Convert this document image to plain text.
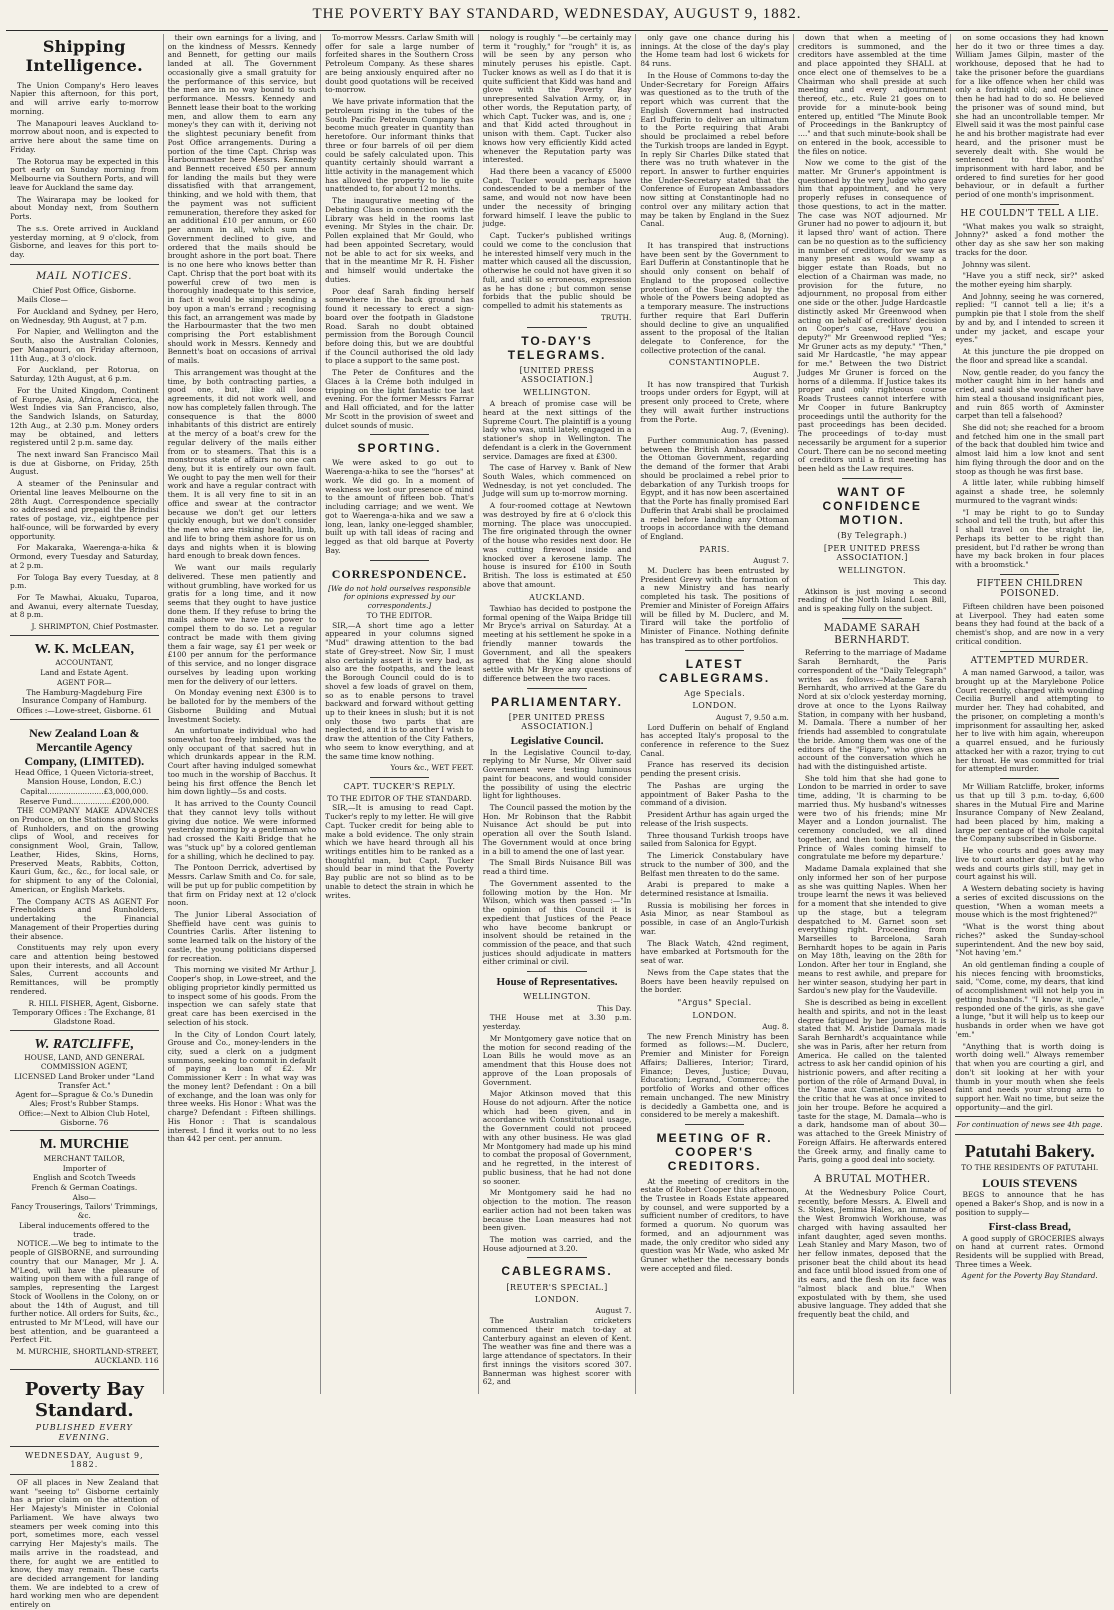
THE POVERTY BAY STANDARD, WEDNESDAY, AUGUST 9, 1882.
Shipping Intelligence.

The Union Company's Hero leaves Napier this afternoon, for this port, and will arrive early to-morrow morning.

The Manapouri leaves Auckland to-morrow about noon, and is expected to arrive here about the same time on Friday.

The Rotorua may be expected in this port early on Sunday morning from Melbourne via Southern Ports, and will leave for Auckland the same day.

The Wairarapa may be looked for about Monday next, from Southern Ports.

The s.s. Orete arrived in Auckland yesterday morning, at 9 o'clock, from Gisborne, and leaves for this port to-day.

MAIL NOTICES.
Chief Post Office, Gisborne.

Mails Close—

For Auckland and Sydney, per Hero, on Wednesday, 9th August, at 7 p.m.

For Napier, and Wellington and the South, also the Australian Colonies, per Manapouri, on Friday afternoon, 11th Aug., at 3 o'clock.

For Auckland, per Rotorua, on Saturday, 12th August, at 6 p.m.

For the United Kingdom, Continent of Europe, Asia, Africa, America, the West Indies via San Francisco, also, the Sandwich Islands, on Saturday, 12th Aug., at 2.30 p.m. Money orders may be obtained, and letters registered until 2 p.m. same day.

The next inward San Francisco Mail is due at Gisborne, on Friday, 25th August.

A steamer of the Peninsular and Oriental line leaves Melbourne on the 28th Augt. Correspondence specially so addressed and prepaid the Brindisi rates of postage, viz., eightpence per half-ounce, will be forwarded by every opportunity.

For Makaraka, Waerenga-a-hika & Ormond, every Tuesday and Saturday, at 2 p.m.

For Tologa Bay every Tuesday, at 8 p.m.

For Te Mawhai, Akuaku, Tuparoa, and Awanui, every alternate Tuesday, at 8 p.m.

J. SHRIMPTON, Chief Postmaster.
W. K. McLEAN,
ACCOUNTANT,
Land and Estate Agent.
AGENT FOR—
The Hamburg-Magdeburg Fire Insurance Company of Hamburg.
Offices :—Lowe-street, Gisborne. 61
New Zealand Loan & Mercantile Agency Company, (LIMITED).
Head Office, 1 Queen Victoria-street, Mansion House, London, E.C.)
Capital........................£3,000,000.
Reserve Fund.................£200,000.

THE COMPANY MAKE ADVANCES on Produce, on the Stations and Stocks of Runholders, and on the growing clips of Wool, and receives for consignment Wool, Grain, Tallow, Leather, Hides, Skins, Horns, Preserved Meats, Rabbits, Cotton, Kauri Gum, &c., &c., for local sale, or for shipment to any of the Colonial, American, or English Markets.

The Company ACTS AS AGENT For Freeholders and Runholders, undertaking the Financial Management of their Properties during their absence.

Constituents may rely upon every care and attention being bestowed upon their interests, and all Account Sales, Current accounts and Remittances, will be promptly rendered.

R. HILL FISHER, Agent, Gisborne.
Temporary Offices : The Exchange, 81 Gladstone Road.
W. RATCLIFFE,
HOUSE, LAND, AND GENERAL COMMISSION AGENT,
LICENSED Land Broker under "Land Transfer Act."
Agent for—Sprague & Co.'s Dunedin Ales; Frost's Rubber Stamps.
Office:—Next to Albion Club Hotel, Gisborne. 76
M. MURCHIE
MERCHANT TAILOR,
Importer of
English and Scotch Tweeds
French & German Coatings.
Also—
Fancy Trouserings, Tailors' Trimmings, &c.
Liberal inducements offered to the trade.

NOTICE.—We beg to intimate to the people of GISBORNE, and surrounding country that our Manager, Mr J. A. M'Leod, will have the pleasure of waiting upon them with a full range of samples, representing the Largest Stock of Woollens in the Colony, on or about the 14th of August, and till further notice. All orders for Suits, &c., entrusted to Mr M'Leod, will have our best attention, and be guaranteed a Perfect Fit.

M. MURCHIE, SHORTLAND-STREET, AUCKLAND. 116
Poverty Bay Standard.
PUBLISHED EVERY EVENING.
WEDNESDAY, August 9, 1882.

OF all places in New Zealand that want "seeing to" Gisborne certainly has a prior claim on the attention of Her Majesty's Minister in Colonial Parliament. We have always two steamers per week coming into this port, sometimes more, each vessel carrying Her Majesty's mails. The mails arrive in the roadstead, and there, for aught we are entitled to know, they may remain. These carts are decided arrangement for landing them. We are indebted to a crew of hard working men who are dependent entirely on

their own earnings for a living, and on the kindness of Messrs. Kennedy and Bennett, for getting our mails landed at all. The Government occasionally give a small gratuity for the performance of this service, but the men are in no way bound to such performance. Messrs. Kennedy and Bennett lease their boat to the working men, and allow them to earn any money's they can with it, deriving not the slightest pecuniary benefit from Post Office arrangements. During a portion of the time Capt. Chrisp was Harbourmaster here Messrs. Kennedy and Bennett received £50 per annum for landing the mails but they were dissatisfied with that arrangement, thinking, and we hold with them, that the payment was not sufficient remuneration, therefore they asked for an additional £10 per annum, or £60 per annum in all, which sum the Government declined to give, and ordered that the mails should be brought ashore in the port boat. There is no one here who knows better than Capt. Chrisp that the port boat with its powerful crew of two men is thoroughly inadequate to this service, in fact it would be simply sending a boy upon a man's errand ; recognising this fact, an arrangement was made by the Harbourmaster that the two men comprising the Port establishment should work in Messrs. Kennedy and Bennett's boat on occasions of arrival of mails.

This arrangement was thought at the time, by both contracting parties, a good one, but, like all loose agreements, it did not work well, and now has completely fallen through. The consequence is that the 8000 inhabitants of this district are entirely at the mercy of a boat's crew for the regular delivery of the mails either from or to steamers. That this is a monstrous state of affairs no one can deny, but it is entirely our own fault. We ought to pay the men well for their work and have a regular contract with them. It is all very fine to sit in an office and swear at the contractor because we don't get our letters quickly enough, but we don't consider the men who are risking health, limb, and life to bring them ashore for us on days and nights when it is blowing hard enough to break down fences.

We want our mails regularly delivered. These men patiently and without grumbling, have worked for us gratis for a long time, and it now seems that they ought to have justice done them. If they refuse to bring the mails ashore we have no power to compel them to do so. Let a regular contract be made with them giving them a fair wage, say £1 per week or £100 per annum for the performance of this service, and no longer disgrace ourselves by leading upon working men for the delivery of our letters.

On Monday evening next £300 is to be balloted for by the members of the Gisborne Building and Mutual Investment Society.

An unfortunate individual who had somewhat too freely imbibed, was the only occupant of that sacred hut in which drunkards appear in the R.M. Court after having indulged somewhat too much in the worship of Bacchus. It being his first offence the Bench let him down lightly—5s and costs.

It has arrived to the County Council that they cannot levy tolls without giving due notice. We were informed yesterday morning by a gentleman who had crossed the Kaiti Bridge that he was "stuck up" by a colored gentleman for a shilling, which he declined to pay.

The Pontoon Derrick, advertised by Messrs. Carlaw Smith and Co. for sale, will be put up for public competition by that firm on Friday next at 12 o'clock noon.

The Junior Liberal Association of Sheffield have cent was guinis to Countries Carlis. After listening to some learned talk on the history of the castle, the young politicians dispersed for recreation.

This morning we visited Mr Arthur J. Cooper's shop, in Lowe-street, and the obliging proprietor kindly permitted us to inspect some of his goods. From the inspection we can safely state that great care has been exercised in the selection of his stock.

In the City of London Court lately, Grouse and Co., money-lenders in the city, sued a clerk on a judgment summons, seeking to commit in default of paying a loan of £2. Mr Commissioner Kerr : In what way was the money lent? Defendant : On a bill of exchange, and the loan was only for three weeks. His Honor : What was the charge? Defendant : Fifteen shillings. His Honor : That is scandalous interest. I find it works out to no less than 442 per cent. per annum.

To-morrow Messrs. Carlaw Smith will offer for sale a large number of forfeited shares in the Southern Cross Petroleum Company. As these shares are being anxiously enquired after no doubt good quotations will be received to-morrow.

We have private information that the petroleum rising in the tubes of the South Pacific Petroleum Company has become much greater in quantity than heretofore. Our informant thinks that three or four barrels of oil per diem could be safely calculated upon. This quantity certainly should warrant a little activity in the management which has allowed the property to lie quite unattended to, for about 12 months.

The inaugurative meeting of the Debating Class in connection with the Library was held in the rooms last evening. Mr Styles in the chair. Dr. Pollen explained that Mr Gould, who had been appointed Secretary, would not be able to act for six weeks, and that in the meantime Mr R. H. Fisher and himself would undertake the duties.

Poor deaf Sarah finding herself somewhere in the back ground has found it necessary to erect a sign-board over the footpath in Gladstone Road. Sarah no doubt obtained permission from the Borough Council before doing this, but we are doubtful if the Council authorised the old lady to place a support to the same post.

The Peter de Confitures and the Glaces à la Créme both indulged in tripping on the light fantastic toe last evening. For the former Messrs Farrar and Hall officiated, and for the latter Mr Scott in the provision of sweet and dulcet sounds of music.

SPORTING.

We were asked to go out to Waerenga-a-hika to see the "horses" at work. We did go. In a moment of weakness we lost our presence of mind to the amount of fifteen bob. That's including carriage; and we went. We got to Waerenga-a-hika and we saw a long, lean, lanky one-legged shambler, built up with tall ideas of racing and legged as that old barque at Poverty Bay.

CORRESPONDENCE.
[We do not hold ourselves responsible for opinions expressed by our correspondents.]
TO THE EDITOR.

SIR,—A short time ago a letter appeared in your columns signed "Mud" drawing attention to the bad state of Grey-street. Now Sir, I must also certainly assert it is very bad, as also are the footpaths, and the least the Borough Council could do is to shovel a few loads of gravel on them, so as to enable persons to travel backward and forward without getting up to their knees in slush; but it is not only those two parts that are neglected, and it is to another I wish to draw the attention of the City Fathers, who seem to know everything, and at the same time know nothing.

Yours &c., WET FEET.
CAPT. TUCKER'S REPLY.
TO THE EDITOR OF THE STANDARD.

SIR,—It is amusing to read Capt. Tucker's reply to my letter. He will give Capt. Tucker credit for being able to make a bold evidence. The only strain which we have heard through all his writings entitles him to be ranked as a thoughtful man, but Capt. Tucker should bear in mind that the Poverty Bay public are not so blind as to be unable to detect the strain in which he writes.

nology is roughly "—be certainly may term it "roughly," for "rough" it is, as will be seen by any person who minutely peruses his epistle. Capt. Tucker knows as well as I do that it is quite sufficient that Kidd was hand and glove with the Poverty Bay unrepresented Salvation Army, or, in other words, the Reputation party, of which Capt. Tucker was, and is, one ; and that Kidd acted throughout in unison with them. Capt. Tucker also knows how very efficiently Kidd acted whenever the Reputation party was interested.

Had there been a vacancy of £5000 Capt. Tucker would perhaps have condescended to be a member of the same, and would not now have been under the necessity of bringing forward himself. I leave the public to judge.

Capt. Tucker's published writings could we come to the conclusion that he interested himself very much in the matter which caused all the discussion, otherwise he could not have given it so full, and still so erroneous, expression as he has done ; but common sense forbids that the public should be compelled to admit his statements as

TRUTH.
TO-DAY'S TELEGRAMS.
[UNITED PRESS ASSOCIATION.]
WELLINGTON.

A breach of promise case will be heard at the next sittings of the Supreme Court. The plaintiff is a young lady who was, until lately, engaged in a stationer's shop in Wellington. The defendant is a clerk in the Government service. Damages are fixed at £300.

The case of Harvey v. Bank of New South Wales, which commenced on Wednesday, is not yet concluded. The Judge will sum up to-morrow morning.

A four-roomed cottage at Newtown was destroyed by fire at 6 o'clock this morning. The place was unoccupied. The fire originated through the owner of the house who resides next door. He was cutting firewood inside and knocked over a kerosene lamp. The house is insured for £100 in South British. The loss is estimated at £50 above that amount.

AUCKLAND.

Tawhiao has decided to postpone the formal opening of the Waipa Bridge till Mr Bryce's arrival on Saturday. At a meeting at his settlement he spoke in a friendly manner towards the Government, and all the speakers agreed that the King alone should settle with Mr Bryce any questions of difference between the two races.

PARLIAMENTARY.
[PER UNITED PRESS ASSOCIATION.]
Legislative Council.

In the Legislative Council to-day, replying to Mr Nurse, Mr Oliver said Government were testing luminous paint for beacons, and would consider the possibility of using the electric light for lighthouses.

The Council passed the motion by the Hon. Mr Robinson that the Rabbit Nuisance Act should be put into operation all over the South Island. The Government would at once bring in a bill to amend the one of last year.

The Small Birds Nuisance Bill was read a third time.

The Government assented to the following motion by the Hon. Mr Wilson, which was then passed :—"In the opinion of this Council it is expedient that Justices of the Peace who have become bankrupt or insolvent should be retained in the commission of the peace, and that such justices should adjudicate in matters either criminal or civil.

House of Representatives.
WELLINGTON.
This Day.

THE House met at 3.30 p.m. yesterday.

Mr Montgomery gave notice that on the motion for second reading of the Loan Bills he would move as an amendment that this House does not approve of the Loan proposals of Government.

Major Atkinson moved that this House do not adjourn. After the notice which had been given, and in accordance with Constitutional usage, the Government could not proceed with any other business. He was glad Mr Montgomery had made up his mind to combat the proposal of Government, and he regretted, in the interest of public business, that he had not done so sooner.

Mr Montgomery said he had no objection to the motion. The reason earlier action had not been taken was because the Loan measures had not been given.

The motion was carried, and the House adjourned at 3.20.

CABLEGRAMS.
[REUTER'S SPECIAL.]
LONDON.
August 7.

The Australian cricketers commenced their match to-day at Canterbury against an eleven of Kent. The weather was fine and there was a large attendance of spectators. In their first innings the visitors scored 307. Bannerman was highest scorer with 62, and

only gave one chance during his innings. At the close of the day's play the Home team had lost 6 wickets for 84 runs.

In the House of Commons to-day the Under-Secretary for Foreign Affairs was questioned as to the truth of the report which was current that the English Government had instructed Earl Dufferin to deliver an ultimatum to the Porte requiring that Arabi should be proclaimed a rebel before the Turkish troops are landed in Egypt. In reply Sir Charles Dilke stated that there was no truth whatever in the report. In answer to further enquiries the Under-Secretary stated that the Conference of European Ambassadors now sitting at Constantinople had no control over any military action that may be taken by England in the Suez Canal.

Aug. 8, (Morning).

It has transpired that instructions have been sent by the Government to Earl Dufferin at Constantinople that he should only consent on behalf of England to the proposed collective protection of the Suez Canal by the whole of the Powers being adopted as a temporary measure. The instructions further require that Earl Dufferin should decline to give an unqualified assent to the proposal of the Italian delegate to Conference, for the collective protection of the canal.

CONSTANTINOPLE.
August 7.

It has now transpired that Turkish troops under orders for Egypt, will at present only proceed to Crete, where they will await further instructions from the Porte.

Aug. 7, (Evening).

Further communication has passed between the British Ambassador and the Ottoman Government, regarding the demand of the former that Arabi should be proclaimed a rebel prior to debarkation of any Turkish troops for Egypt, and it has now been ascertained that the Porte has finally promised Earl Dufferin that Arabi shall be proclaimed a rebel before landing any Ottoman troops in accordance with the demand of England.

PARIS.
August 7.

M. Duclerc has been entrusted by President Grevy with the formation of a new Ministry and has nearly completed his task. The positions of Premier and Minister of Foreign Affairs will be filled by M. Duclerc, and M. Tirard will take the portfolio of Minister of Finance. Nothing definite has transpired as to other portfolios.

LATEST CABLEGRAMS.
Age Specials.
LONDON.
August 7, 9.50 a.m.

Lord Dufferin on behalf of England has accepted Italy's proposal to the conference in reference to the Suez Canal.

France has reserved its decision pending the present crisis.

The Pashas are urging the appointment of Baker Pasha to the command of a division.

President Arthur has again urged the release of the Irish suspects.

Three thousand Turkish troops have sailed from Salonica for Egypt.

The Limerick Constabulary have struck to the number of 300, and the Belfast men threaten to do the same.

Arabi is prepared to make a determined resistance at Ismailia.

Russia is mobilising her forces in Asia Minor, as near Stamboul as possible, in case of an Anglo-Turkish war.

The Black Watch, 42nd regiment, have embarked at Portsmouth for the seat of war.

News from the Cape states that the Boers have been heavily repulsed on the border.

"Argus" Special.
LONDON.
Aug. 8.

The new French Ministry has been formed as follows:—M. Duclerc, Premier and Minister for Foreign Affairs; Dallieres, Interior; Tirard, Finance; Deves, Justice; Duvau, Education; Legrand, Commerce; the portfolio of Works and other offices remain unchanged. The new Ministry is decidedly a Gambetta one, and is considered to be merely a makeshift.

MEETING OF R. COOPER'S CREDITORS.

At the meeting of creditors in the estate of Robert Cooper this afternoon, the Trustee in Roads Estate appeared by counsel, and were supported by a sufficient number of creditors, to have formed a quorum. No quorum was formed, and an adjournment was made, the only creditor who sided any question was Mr Wade, who asked Mr Gruner whether the necessary bonds were accepted and filed.

down that when a meeting of creditors is summoned, and the creditors have assembled at the time and place appointed they SHALL at once elect one of themselves to be a Chairman who shall preside at such meeting and every adjournment thereof, etc., etc. Rule 21 goes on to provide for a minute-book being entered up, entitled "The Minute Book of Proceedings in the Bankruptcy of ...." and that such minute-book shall be on entered in the book, accessible to the files on notice.

Now we come to the gist of the matter. Mr Gruner's appointment is questioned by the very Judge who gave him that appointment, and he very properly refuses in consequence of those questions, to act in the matter. The case was NOT adjourned. Mr Gruner had no power to adjourn it, but it lapsed thro' want of action. There can be no question as to the sufficiency in number of creditors, for we saw as many present as would swamp a bigger estate than Roads, but no election of a Chairman was made, no provision for the future, no adjournment, no proposal from either one side or the other. Judge Hardcastle distinctly asked Mr Greenwood when acting on behalf of creditors' decision on Cooper's case, "Have you a deputy?" Mr Greenwood replied "Yes; Mr Gruner acts as my deputy." "Then," said Mr Hardcastle, "he may appear for me." Between the two District Judges Mr Gruner is forced on the horns of a dilemma. If Justice takes its proper and only righteous course Roads Trustees cannot interfere with Mr Cooper in future Bankruptcy proceedings until the authority for the past proceedings has been decided. The proceedings of to-day must necessarily be argument for a superior Court. There can be no second meeting of creditors until a first meeting has been held as the Law requires.

WANT OF CONFIDENCE MOTION.
(By Telegraph.)
[PER UNITED PRESS ASSOCIATION.]
WELLINGTON.
This day.

Atkinson is just moving a second reading of the North Island Loan Bill, and is speaking fully on the subject.

MADAME SARAH BERNHARDT.

Referring to the marriage of Madame Sarah Bernhardt, the Paris correspondent of the "Daily Telegraph" writes as follows:—Madame Sarah Bernhardt, who arrived at the Gare du Nord at six o'clock yesterday morning, drove at once to the Lyons Railway Station, in company with her husband, M. Damala. There a number of her friends had assembled to congratulate the bride. Among them was one of the editors of the "Figaro," who gives an account of the conversation which he had with the distinguished artiste.

She told him that she had gone to London to be married in order to save time, adding, 'It is charming to be married thus. My husband's witnesses were two of his friends; mine Mr Mayer and a London journalist. The ceremony concluded, we all dined together, and then took the train, the Prince of Wales coming himself to congratulate me before my departure.'

Madame Damala explained that she only informed her son of her purpose as she was quitting Naples. When her troupe learnt the news it was believed for a moment that she intended to give up the stage, but a telegram despatched to M. Garnet soon set everything right. Proceeding from Marseilles to Barcelona, Sarah Bernhardt hopes to be again in Paris on May 18th, leaving on the 28th for London. After her tour in England, she means to rest awhile, and prepare for her winter season, studying her part in Sardou's new play for the Vaudeville.

She is described as being in excellent health and spirits, and not in the least degree fatigued by her journeys. It is stated that M. Aristide Damala made Sarah Bernhardt's acquaintance while she was in Paris, after her return from America. He called on the talented actress to ask her candid opinion of his histrionic powers, and after reciting a portion of the rôle of Armand Duval, in the 'Dame aux Camelias,' so pleased the critic that he was at once invited to join her troupe. Before he acquired a taste for the stage, M. Damala—who is a dark, handsome man of about 30—was attached to the Greek Ministry of Foreign Affairs. He afterwards entered the Greek army, and finally came to Paris, going a good deal into society.

A BRUTAL MOTHER.

At the Wednesbury Police Court, recently, before Messrs. A. Elwell and S. Stokes, Jemima Hales, an inmate of the West Bromwich Workhouse, was charged with having assaulted her infant daughter, aged seven months. Leah Stanley and Mary Mason, two of her fellow inmates, deposed that the prisoner beat the child about its head and face until blood issued from one of its ears, and the flesh on its face was "almost black and blue." When expostulated with by them, she used abusive language. They added that she frequently beat the child, and

on some occasions they had known her do it two or three times a day. William James Gilpin, master of the workhouse, deposed that he had to take the prisoner before the guardians for a like offence when her child was only a fortnight old; and once since then he had had to do so. He believed the prisoner was of sound mind, but she had an uncontrollable temper. Mr Elwell said it was the most painful case he and his brother magistrate had ever heard, and the prisoner must be severely dealt with. She would be sentenced to three months' imprisonment with hard labor, and be ordered to find sureties for her good behaviour, or in default a further period of one month's imprisonment.

HE COULDN'T TELL A LIE.

"What makes you walk so straight, Johnny?" asked a fond mother the other day as she saw her son making tracks for the door.

Johnny was silent.

"Have you a stiff neck, sir?" asked the mother eyeing him sharply.

And Johnny, seeing he was cornered, replied: "I cannot tell a lie; it's a pumpkin pie that I stole from the shelf by and by, and I intended to screen it under my jacket, and escape your eyes."

At this juncture the pie dropped on the floor and spread like a scandal.

Now, gentle reader, do you fancy the mother caught him in her hands and cried, and said she would rather have him steal a thousand insignificant pies, and ruin 865 worth of Axminster carpet than tell a falsehood?

She did not; she reached for a broom and fetched him one in the small part of the back that doubled him twice and almost laid him a low knot and sent him flying through the door and on the stoop as though he was first base.

A little later, while rubbing himself against a shade tree, he solemnly murmured to the vagrant winds:

"I may be right to go to Sunday school and tell the truth, but after this I shall travel on the straight lie, Perhaps its better to be right than president, but I'd rather be wrong than have my back broken in four places with a broomstick."

FIFTEEN CHILDREN POISONED.

Fifteen children have been poisoned at Liverpool. They had eaten some beans they had found at the back of a chemist's shop, and are now in a very critical condition.

ATTEMPTED MURDER.

A man named Garwood, a tailor, was brought up at the Marylebone Police Court recently, charged with wounding Cecilia Burrell and attempting to murder her. They had cohabited, and the prisoner, on completing a month's imprisonment for assaulting her, asked her to live with him again, whereupon a quarrel ensued, and he furiously attacked her with a razor, trying to cut her throat. He was committed for trial for attempted murder.

Mr William Ratcliffe, broker, informs us that up till 3 p.m. to-day, 6,600 shares in the Mutual Fire and Marine Insurance Company of New Zealand, had been placed by him, making a large per centage of the whole capital the Company subscribed in Gisborne.

He who courts and goes away may live to court another day ; but he who weds and courts girls still, may get in court against his will.

A Western debating society is having a series of excited discussions on the question, "When a woman meets a mouse which is the most frightened?"

"What is the worst thing about riches?" asked the Sunday-school superintendent. And the new boy said, "Not having 'em."

An old gentleman finding a couple of his nieces fencing with broomsticks, said, "Come, come, my dears, that kind of accomplishment will not help you in getting husbands." "I know it, uncle," responded one of the girls, as she gave a lunge, "but it will help us to keep our husbands in order when we have got 'em."

"Anything that is worth doing is worth doing well." Always remember that when you are courting a girl, and don't sit looking at her with your thumb in your mouth when she feels faint and needs your strong arm to support her. Wait no time, but seize the opportunity—and the girl.

For continuation of news see 4th page.
Patutahi Bakery.
TO THE RESIDENTS OF PATUTAHI.
LOUIS STEVENS

BEGS to announce that he has opened a Baker's Shop, and is now in a position to supply—

First-class Bread,

A good supply of GROCERIES always on hand at current rates. Ormond Residents will be supplied with Bread, Three times a Week.

Agent for the Poverty Bay Standard.
